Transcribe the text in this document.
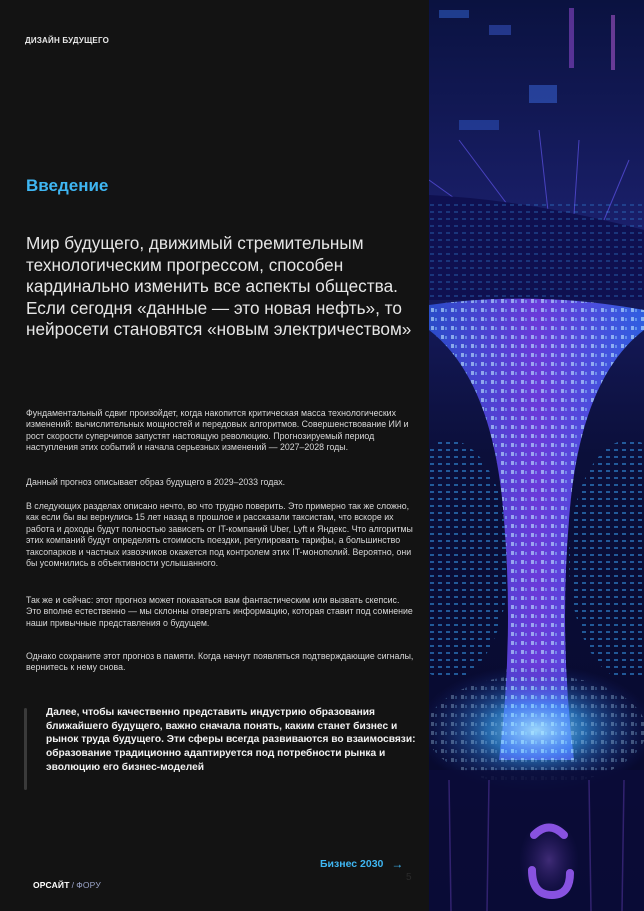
ДИЗАЙН БУДУЩЕГО
Введение

Мир будущего, движимый стремительным технологическим прогрессом, способен кардинально изменить все аспекты общества. Если сегодня «данные — это новая нефть», то нейросети становятся «новым электричеством»

Фундаментальный сдвиг произойдет, когда накопится критическая масса технологических изменений: вычислительных мощностей и передовых алгоритмов. Совершенствование ИИ и рост скорости суперчипов запустят настоящую революцию. Прогнозируемый период наступления этих событий и начала серьезных изменений — 2027–2028 годы.

Данный прогноз описывает образ будущего в 2029–2033 годах.

В следующих разделах описано нечто, во что трудно поверить. Это примерно так же сложно, как если бы вы вернулись 15 лет назад в прошлое и рассказали таксистам, что вскоре их работа и доходы будут полностью зависеть от IT-компаний Uber, Lyft и Яндекс. Что алгоритмы этих компаний будут определять стоимость поездки, регулировать тарифы, а большинство таксопарков и частных извозчиков окажется под контролем этих IT-монополий. Вероятно, они бы усомнились в объективности услышанного.

Так же и сейчас: этот прогноз может показаться вам фантастическим или вызвать скепсис. Это вполне естественно — мы склонны отвергать информацию, которая ставит под сомнение наши привычные представления о будущем.

Однако сохраните этот прогноз в памяти. Когда начнут появляться подтверждающие сигналы, вернитесь к нему снова.

Далее, чтобы качественно представить индустрию образования ближайшего будущего, важно сначала понять, каким станет бизнес и рынок труда будущего. Эти сферы всегда развиваются во взаимосвязи: образование традиционно адаптируется под потребности рынка и эволюцию его бизнес-моделей

Бизнес 2030 →
5
ОРСАЙТ / ФОРУ
